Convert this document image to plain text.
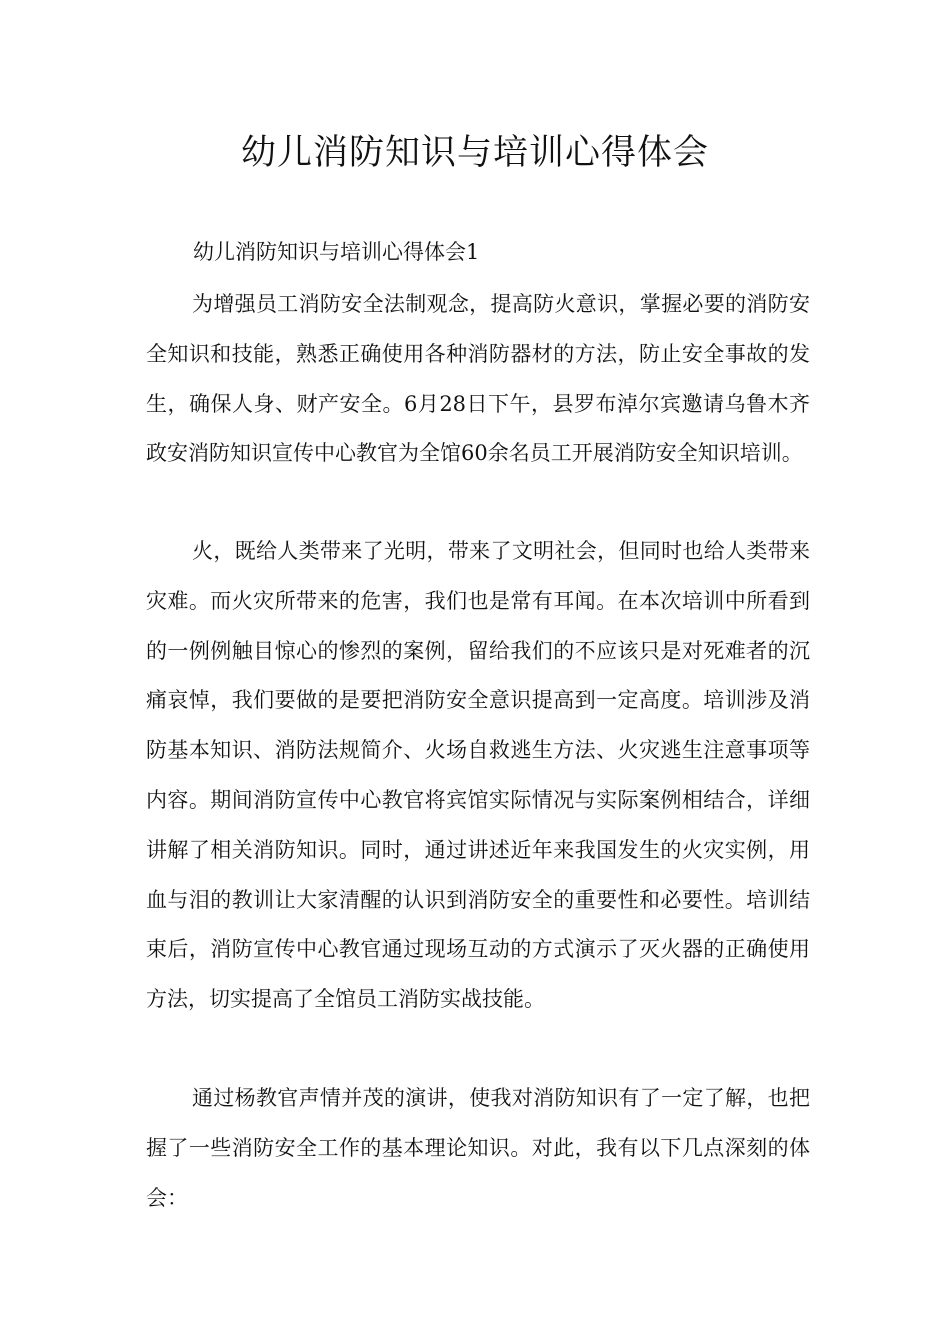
幼儿消防知识与培训心得体会

幼儿消防知识与培训心得体会1

为增强员工消防安全法制观念，提高防火意识，掌握必要的消防安全知识和技能，熟悉正确使用各种消防器材的方法，防止安全事故的发生，确保人身、财产安全。6月28日下午，县罗布淖尔宾邀请乌鲁木齐政安消防知识宣传中心教官为全馆60余名员工开展消防安全知识培训。

火，既给人类带来了光明，带来了文明社会，但同时也给人类带来灾难。而火灾所带来的危害，我们也是常有耳闻。在本次培训中所看到的一例例触目惊心的惨烈的案例，留给我们的不应该只是对死难者的沉痛哀悼，我们要做的是要把消防安全意识提高到一定高度。培训涉及消防基本知识、消防法规简介、火场自救逃生方法、火灾逃生注意事项等内容。期间消防宣传中心教官将宾馆实际情况与实际案例相结合，详细讲解了相关消防知识。同时，通过讲述近年来我国发生的火灾实例，用血与泪的教训让大家清醒的认识到消防安全的重要性和必要性。培训结束后，消防宣传中心教官通过现场互动的方式演示了灭火器的正确使用方法，切实提高了全馆员工消防实战技能。

通过杨教官声情并茂的演讲，使我对消防知识有了一定了解，也把握了一些消防安全工作的基本理论知识。对此，我有以下几点深刻的体会：
